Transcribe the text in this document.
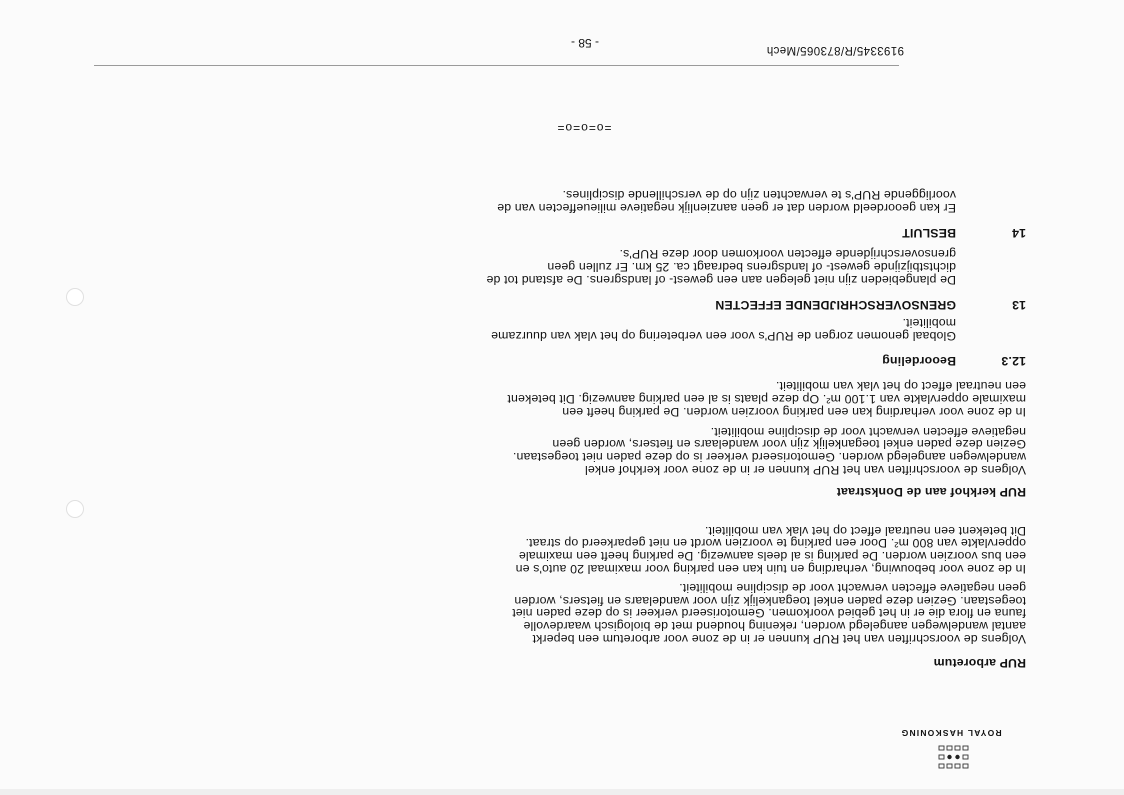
ROYAL HASKONING
RUP arboretum
Volgens de voorschriften van het RUP kunnen er in de zone voor arboretum een beperkt
aantal wandelwegen aangelegd worden, rekening houdend met de biologisch waardevolle
fauna en flora die er in het gebied voorkomen. Gemotoriseerd verkeer is op deze paden niet
toegestaan. Gezien deze paden enkel toegankelijk zijn voor wandelaars en fietsers, worden
geen negatieve effecten verwacht voor de discipline mobiliteit.
In de zone voor bebouwing, verharding en tuin kan een parking voor maximaal 20 auto's en
een bus voorzien worden. De parking is al deels aanwezig. De parking heeft een maximale
oppervlakte van 800 m². Door een parking te voorzien wordt en niet geparkeerd op straat.
Dit betekent een neutraal effect op het vlak van mobiliteit.
RUP kerkhof aan de Donkstraat
Volgens de voorschriften van het RUP kunnen er in de zone voor kerkhof enkel
wandelwegen aangelegd worden. Gemotoriseerd verkeer is op deze paden niet toegestaan.
Gezien deze paden enkel toegankelijk zijn voor wandelaars en fietsers, worden geen
negatieve effecten verwacht voor de discipline mobiliteit.
In de zone voor verharding kan een parking voorzien worden. De parking heeft een
maximale oppervlakte van 1.100 m². Op deze plaats is al een parking aanwezig. Dit betekent
een neutraal effect op het vlak van mobiliteit.
12.3
Beoordeling
Globaal genomen zorgen de RUP's voor een verbetering op het vlak van duurzame
mobiliteit.
13
GRENSOVERSCHRIJDENDE EFFECTEN
De plangebieden zijn niet gelegen aan een gewest- of landsgrens. De afstand tot de
dichtstbijzijnde gewest- of landsgrens bedraagt ca. 25 km. Er zullen geen
grensoverschrijdende effecten voorkomen door deze RUP's.
14
BESLUIT
Er kan geoordeeld worden dat er geen aanzienlijk negatieve milieueffecten van de
voorliggende RUP's te verwachten zijn op de verschillende disciplines.
=o=o=o=
- 58 -	9193345/R/873065/Mech
